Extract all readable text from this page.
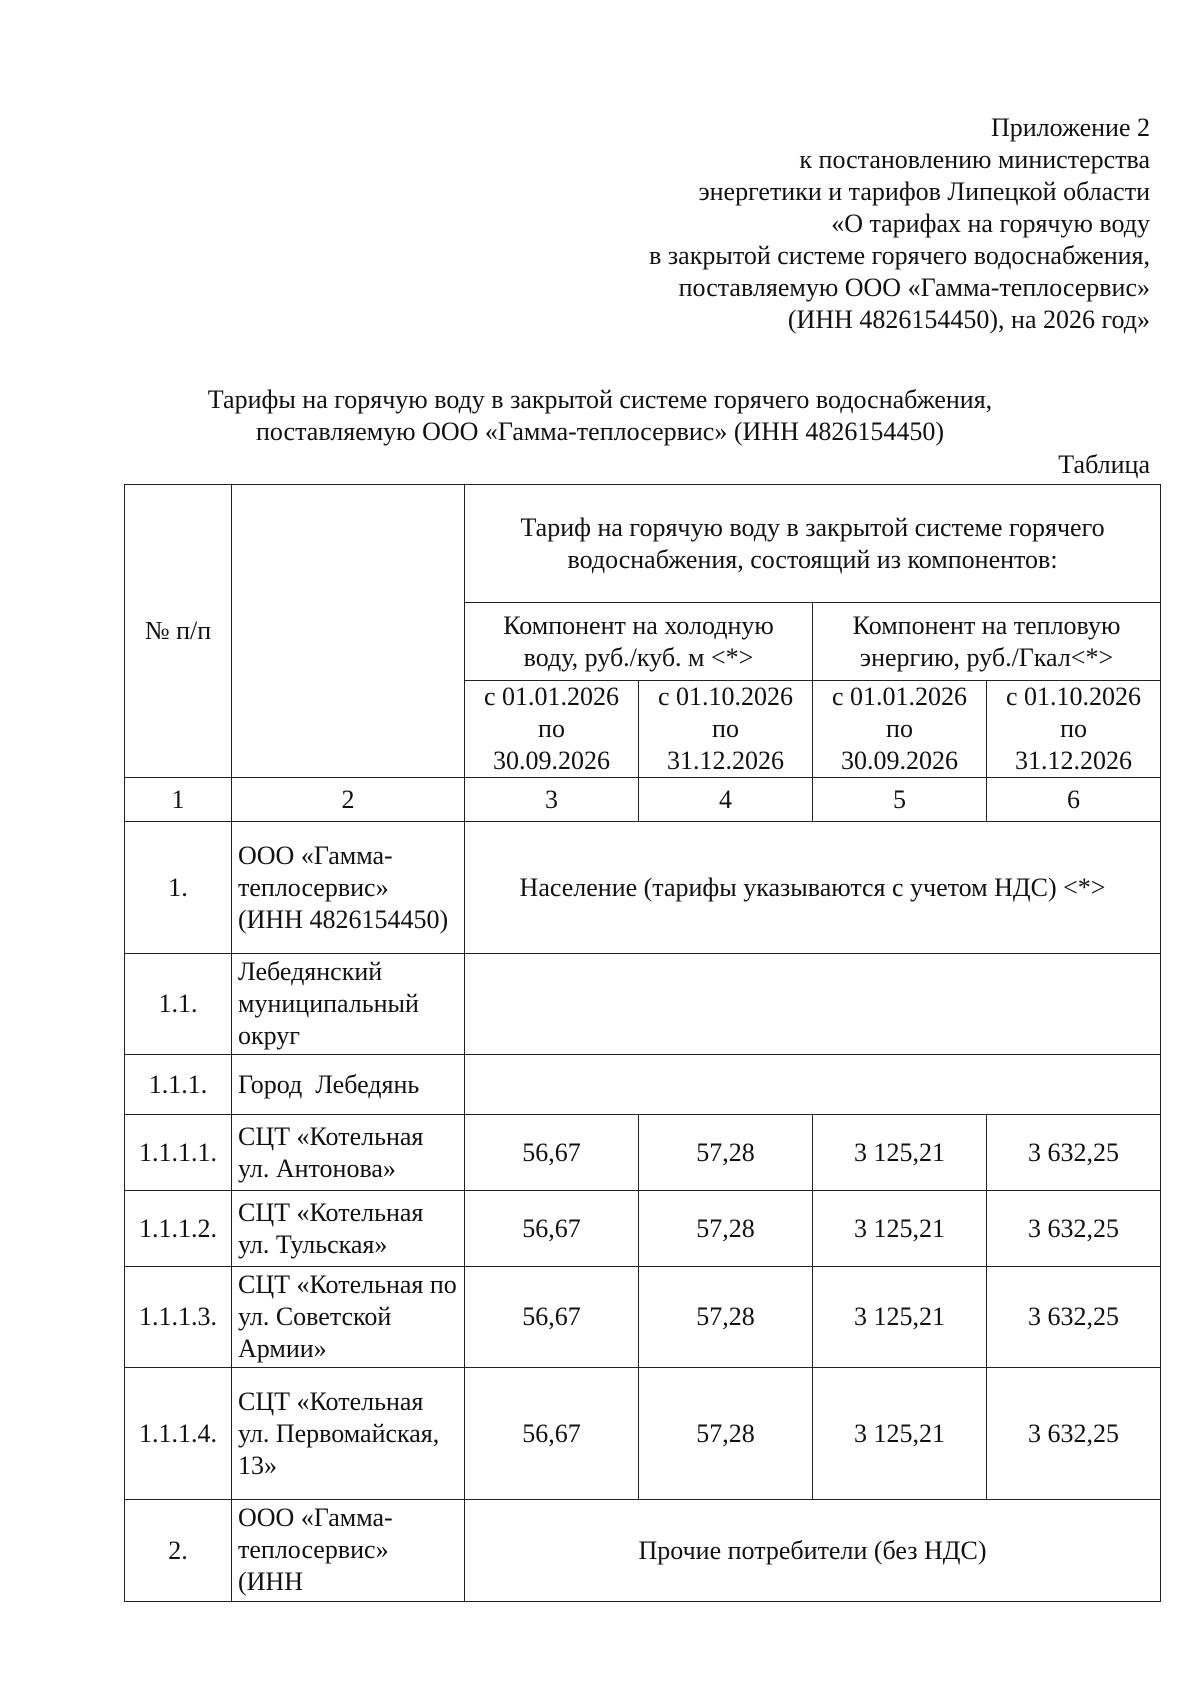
Приложение 2
к постановлению министерства
энергетики и тарифов Липецкой области
«О тарифах на горячую воду
в закрытой системе горячего водоснабжения,
поставляемую ООО «Гамма-теплосервис»
(ИНН 4826154450), на 2026 год»
Тарифы на горячую воду в закрытой системе горячего водоснабжения,
поставляемую ООО «Гамма-теплосервис» (ИНН 4826154450)
Таблица
№ п/п		Тариф на горячую воду в закрытой системе горячего водоснабжения, состоящий из компонентов:			
		Компонент на холодную воду, руб./куб. м <*>		Компонент на тепловую энергию, руб./Гкал<*>	
		с 01.01.2026 по 30.09.2026	с 01.10.2026 по 31.12.2026	с 01.01.2026 по 30.09.2026	с 01.10.2026 по 31.12.2026
1	2	3	4	5	6
1.	ООО «Гамма-теплосервис» (ИНН 4826154450)	Население (тарифы указываются с учетом НДС) <*>			
1.1.	Лебедянский муниципальный округ				
1.1.1.	Город  Лебедянь				
1.1.1.1.	СЦТ «Котельная ул. Антонова»	56,67	57,28	3 125,21	3 632,25
1.1.1.2.	СЦТ «Котельная ул. Тульская»	56,67	57,28	3 125,21	3 632,25
1.1.1.3.	СЦТ «Котельная по ул. Советской Армии»	56,67	57,28	3 125,21	3 632,25
1.1.1.4.	СЦТ «Котельная ул. Первомайская, 13»	56,67	57,28	3 125,21	3 632,25
2.	ООО «Гамма-теплосервис» (ИНН	Прочие потребители (без НДС)			
